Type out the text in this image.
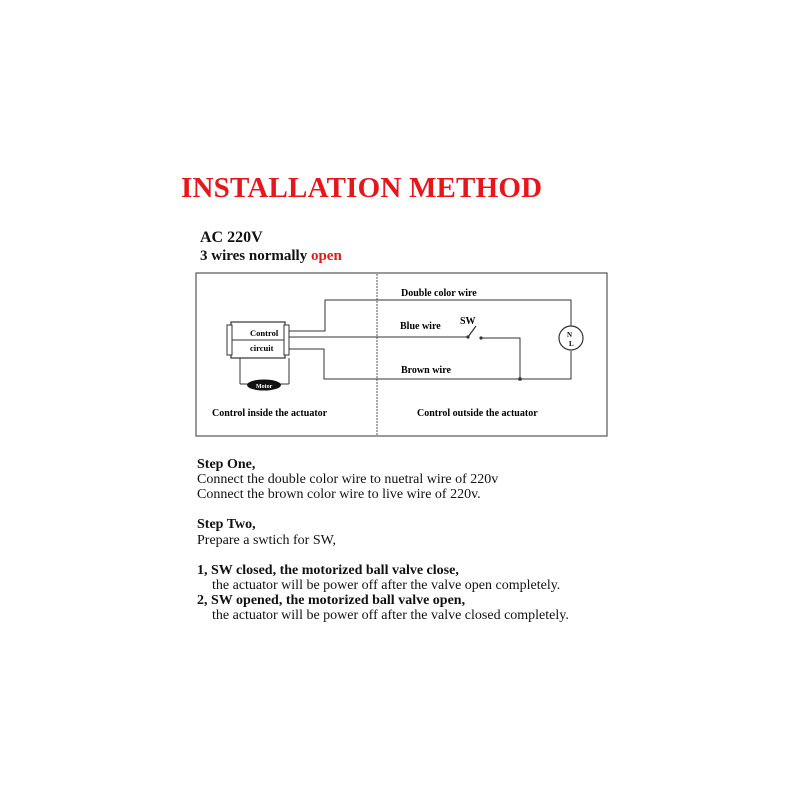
INSTALLATION METHOD
AC 220V
3 wires normally open
Control
circuit
Motor
N
L
Double color wire
Blue wire SW
Brown wire
Control inside the actuator	Control outside the actuator
Step One,
Connect the double color wire to nuetral wire of 220v
Connect the brown color wire to live wire of 220v.
Step Two,
Prepare a swtich for SW,
1, SW closed, the motorized ball valve close,
the actuator will be power off after the valve open completely.
2, SW opened, the motorized ball valve open,
the actuator will be power off after the valve closed completely.
